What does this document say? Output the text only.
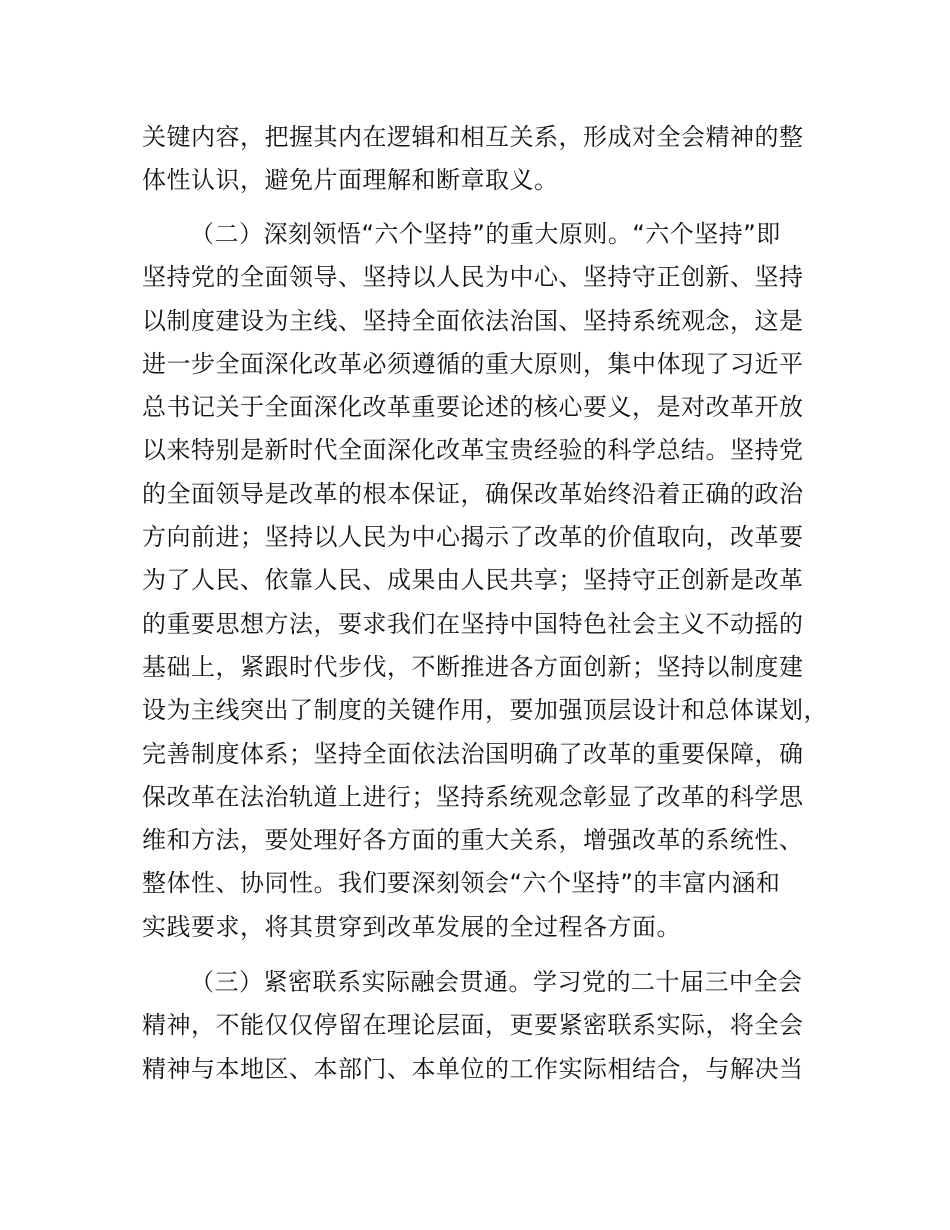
关键内容，把握其内在逻辑和相互关系，形成对全会精神的整
体性认识，避免片面理解和断章取义。
（二）深刻领悟“六个坚持”的重大原则。“六个坚持”即
坚持党的全面领导、坚持以人民为中心、坚持守正创新、坚持
以制度建设为主线、坚持全面依法治国、坚持系统观念，这是
进一步全面深化改革必须遵循的重大原则，集中体现了习近平
总书记关于全面深化改革重要论述的核心要义，是对改革开放
以来特别是新时代全面深化改革宝贵经验的科学总结。坚持党
的全面领导是改革的根本保证，确保改革始终沿着正确的政治
方向前进；坚持以人民为中心揭示了改革的价值取向，改革要
为了人民、依靠人民、成果由人民共享；坚持守正创新是改革
的重要思想方法，要求我们在坚持中国特色社会主义不动摇的
基础上，紧跟时代步伐，不断推进各方面创新；坚持以制度建
设为主线突出了制度的关键作用，要加强顶层设计和总体谋划，
完善制度体系；坚持全面依法治国明确了改革的重要保障，确
保改革在法治轨道上进行；坚持系统观念彰显了改革的科学思
维和方法，要处理好各方面的重大关系，增强改革的系统性、
整体性、协同性。我们要深刻领会“六个坚持”的丰富内涵和
实践要求，将其贯穿到改革发展的全过程各方面。
（三）紧密联系实际融会贯通。学习党的二十届三中全会
精神，不能仅仅停留在理论层面，更要紧密联系实际，将全会
精神与本地区、本部门、本单位的工作实际相结合，与解决当
